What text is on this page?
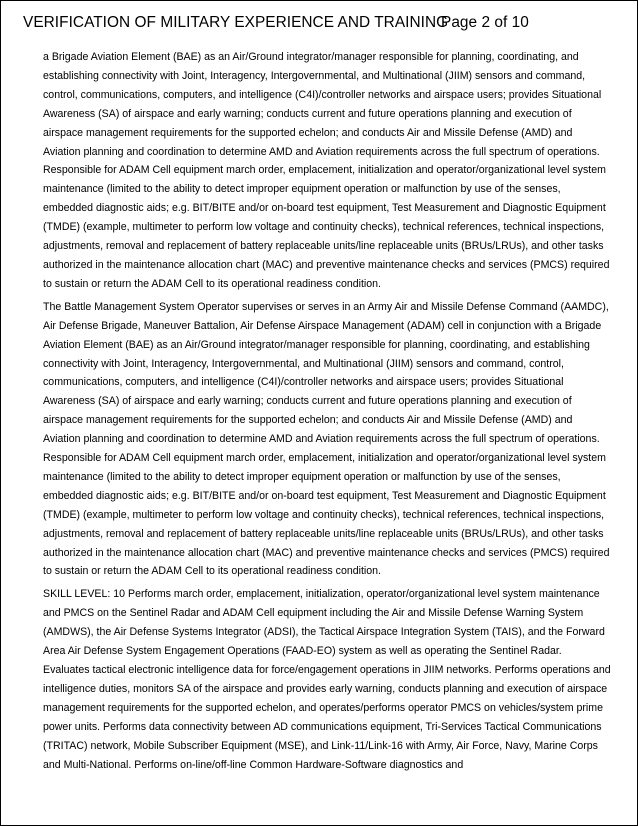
VERIFICATION OF MILITARY EXPERIENCE AND TRAINING
Page 2 of 10

a Brigade Aviation Element (BAE) as an Air/Ground integrator/manager responsible for planning, coordinating, and establishing connectivity with Joint, Interagency, Intergovernmental, and Multinational (JIIM) sensors and command, control, communications, computers, and intelligence (C4I)/controller networks and airspace users; provides Situational Awareness (SA) of airspace and early warning; conducts current and future operations planning and execution of airspace management requirements for the supported echelon; and conducts Air and Missile Defense (AMD) and Aviation planning and coordination to determine AMD and Aviation requirements across the full spectrum of operations. Responsible for ADAM Cell equipment march order, emplacement, initialization and operator/organizational level system maintenance (limited to the ability to detect improper equipment operation or malfunction by use of the senses, embedded diagnostic aids; e.g. BIT/BITE and/or on-board test equipment, Test Measurement and Diagnostic Equipment (TMDE) (example, multimeter to perform low voltage and continuity checks), technical references, technical inspections, adjustments, removal and replacement of battery replaceable units/line replaceable units (BRUs/LRUs), and other tasks authorized in the maintenance allocation chart (MAC) and preventive maintenance checks and services (PMCS) required to sustain or return the ADAM Cell to its operational readiness condition.

The Battle Management System Operator supervises or serves in an Army Air and Missile Defense Command (AAMDC), Air Defense Brigade, Maneuver Battalion, Air Defense Airspace Management (ADAM) cell in conjunction with a Brigade Aviation Element (BAE) as an Air/Ground integrator/manager responsible for planning, coordinating, and establishing connectivity with Joint, Interagency, Intergovernmental, and Multinational (JIIM) sensors and command, control, communications, computers, and intelligence (C4I)/controller networks and airspace users; provides Situational Awareness (SA) of airspace and early warning; conducts current and future operations planning and execution of airspace management requirements for the supported echelon; and conducts Air and Missile Defense (AMD) and Aviation planning and coordination to determine AMD and Aviation requirements across the full spectrum of operations. Responsible for ADAM Cell equipment march order, emplacement, initialization and operator/organizational level system maintenance (limited to the ability to detect improper equipment operation or malfunction by use of the senses, embedded diagnostic aids; e.g. BIT/BITE and/or on-board test equipment, Test Measurement and Diagnostic Equipment (TMDE) (example, multimeter to perform low voltage and continuity checks), technical references, technical inspections, adjustments, removal and replacement of battery replaceable units/line replaceable units (BRUs/LRUs), and other tasks authorized in the maintenance allocation chart (MAC) and preventive maintenance checks and services (PMCS) required to sustain or return the ADAM Cell to its operational readiness condition.

SKILL LEVEL: 10 Performs march order, emplacement, initialization, operator/organizational level system maintenance and PMCS on the Sentinel Radar and ADAM Cell equipment including the Air and Missile Defense Warning System (AMDWS), the Air Defense Systems Integrator (ADSI), the Tactical Airspace Integration System (TAIS), and the Forward Area Air Defense System Engagement Operations (FAAD-EO) system as well as operating the Sentinel Radar. Evaluates tactical electronic intelligence data for force/engagement operations in JIIM networks. Performs operations and intelligence duties, monitors SA of the airspace and provides early warning, conducts planning and execution of airspace management requirements for the supported echelon, and operates/performs operator PMCS on vehicles/system prime power units. Performs data connectivity between AD communications equipment, Tri-Services Tactical Communications (TRITAC) network, Mobile Subscriber Equipment (MSE), and Link-11/Link-16 with Army, Air Force, Navy, Marine Corps and Multi-National. Performs on-line/off-line Common Hardware-Software diagnostics and
